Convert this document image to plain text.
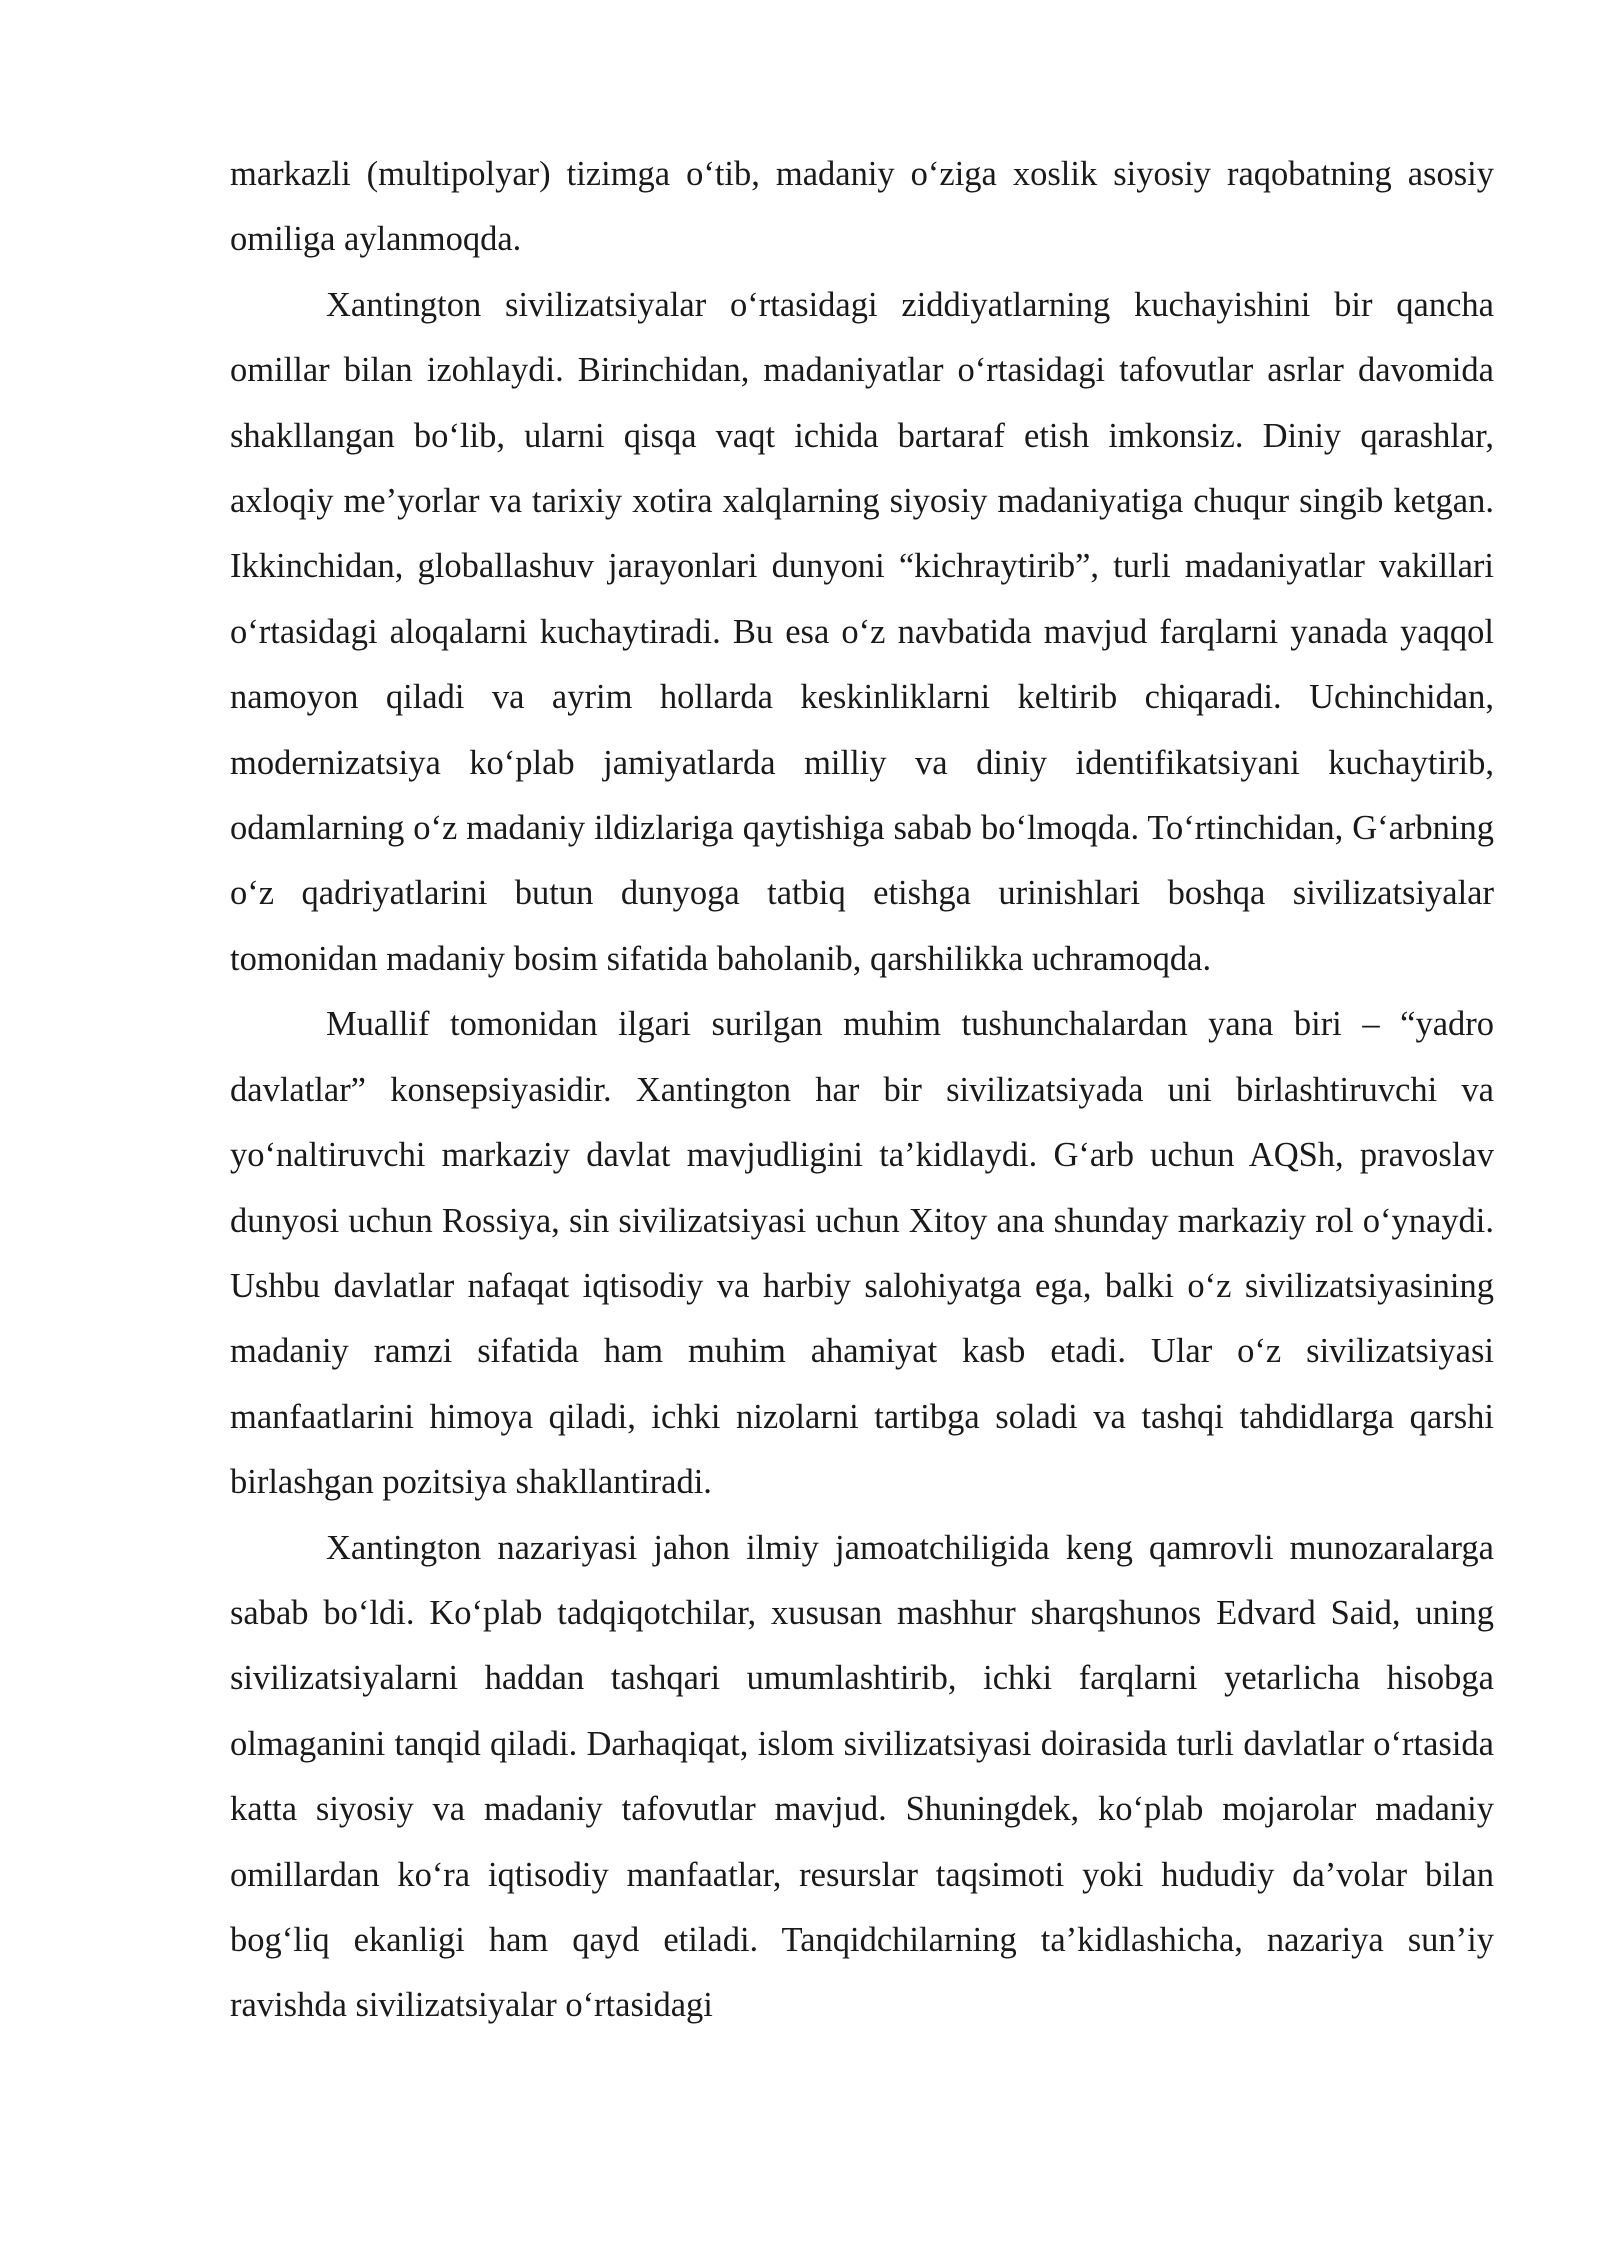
markazli (multipolyar) tizimga o‘tib, madaniy o‘ziga xoslik siyosiy raqobatning asosiy omiliga aylanmoqda.

Xantington sivilizatsiyalar o‘rtasidagi ziddiyatlarning kuchayishini bir qancha omillar bilan izohlaydi. Birinchidan, madaniyatlar o‘rtasidagi tafovutlar asrlar davomida shakllangan bo‘lib, ularni qisqa vaqt ichida bartaraf etish imkonsiz. Diniy qarashlar, axloqiy me’yorlar va tarixiy xotira xalqlarning siyosiy madaniyatiga chuqur singib ketgan. Ikkinchidan, globallashuv jarayonlari dunyoni “kichraytirib”, turli madaniyatlar vakillari o‘rtasidagi aloqalarni kuchaytiradi. Bu esa o‘z navbatida mavjud farqlarni yanada yaqqol namoyon qiladi va ayrim hollarda keskinliklarni keltirib chiqaradi. Uchinchidan, modernizatsiya ko‘plab jamiyatlarda milliy va diniy identifikatsiyani kuchaytirib, odamlarning o‘z madaniy ildizlariga qaytishiga sabab bo‘lmoqda. To‘rtinchidan, G‘arbning o‘z qadriyatlarini butun dunyoga tatbiq etishga urinishlari boshqa sivilizatsiyalar tomonidan madaniy bosim sifatida baholanib, qarshilikka uchramoqda.

Muallif tomonidan ilgari surilgan muhim tushunchalardan yana biri – “yadro davlatlar” konsepsiyasidir. Xantington har bir sivilizatsiyada uni birlashtiruvchi va yo‘naltiruvchi markaziy davlat mavjudligini ta’kidlaydi. G‘arb uchun AQSh, pravoslav dunyosi uchun Rossiya, sin sivilizatsiyasi uchun Xitoy ana shunday markaziy rol o‘ynaydi. Ushbu davlatlar nafaqat iqtisodiy va harbiy salohiyatga ega, balki o‘z sivilizatsiyasining madaniy ramzi sifatida ham muhim ahamiyat kasb etadi. Ular o‘z sivilizatsiyasi manfaatlarini himoya qiladi, ichki nizolarni tartibga soladi va tashqi tahdidlarga qarshi birlashgan pozitsiya shakllantiradi.

Xantington nazariyasi jahon ilmiy jamoatchiligida keng qamrovli munozaralarga sabab bo‘ldi. Ko‘plab tadqiqotchilar, xususan mashhur sharqshunos Edvard Said, uning sivilizatsiyalarni haddan tashqari umumlashtirib, ichki farqlarni yetarlicha hisobga olmaganini tanqid qiladi. Darhaqiqat, islom sivilizatsiyasi doirasida turli davlatlar o‘rtasida katta siyosiy va madaniy tafovutlar mavjud. Shuningdek, ko‘plab mojarolar madaniy omillardan ko‘ra iqtisodiy manfaatlar, resurslar taqsimoti yoki hududiy da’volar bilan bog‘liq ekanligi ham qayd etiladi. Tanqidchilarning ta’kidlashicha, nazariya sun’iy ravishda sivilizatsiyalar o‘rtasidagi
